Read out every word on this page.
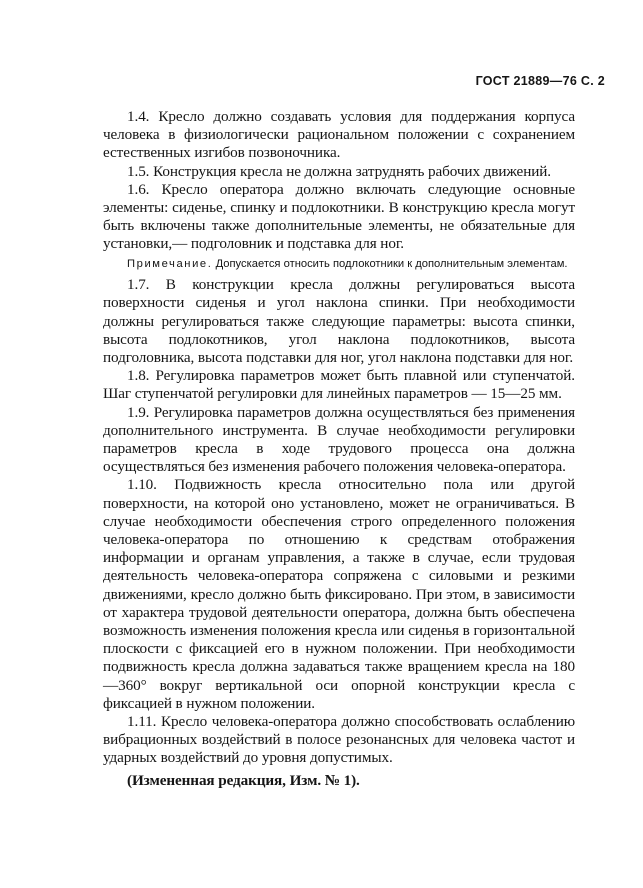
ГОСТ 21889—76 С. 2

1.4. Кресло должно создавать условия для поддержания корпуса человека в физиологически рациональном положении с сохранением естественных изгибов позвоночника.

1.5. Конструкция кресла не должна затруднять рабочих движений.

1.6. Кресло оператора должно включать следующие основные элементы: сиденье, спинку и подлокотники. В конструкцию кресла могут быть включены также дополнительные элементы, не обязательные для установки,— подголовник и подставка для ног.

Примечание. Допускается относить подлокотники к дополнительным элементам.

1.7. В конструкции кресла должны регулироваться высота поверхности сиденья и угол наклона спинки. При необходимости должны регулироваться также следующие параметры: высота спинки, высота подлокотников, угол наклона подлокотников, высота подголовника, высота подставки для ног, угол наклона подставки для ног.

1.8. Регулировка параметров может быть плавной или ступенчатой. Шаг ступенчатой регулировки для линейных параметров — 15—25 мм.

1.9. Регулировка параметров должна осуществляться без применения дополнительного инструмента. В случае необходимости регулировки параметров кресла в ходе трудового процесса она должна осуществляться без изменения рабочего положения человека-оператора.

1.10. Подвижность кресла относительно пола или другой поверхности, на которой оно установлено, может не ограничиваться. В случае необходимости обеспечения строго определенного положения человека-оператора по отношению к средствам отображения информации и органам управления, а также в случае, если трудовая деятельность человека-оператора сопряжена с силовыми и резкими движениями, кресло должно быть фиксировано. При этом, в зависимости от характера трудовой деятельности оператора, должна быть обеспечена возможность изменения положения кресла или сиденья в горизонтальной плоскости с фиксацией его в нужном положении. При необходимости подвижность кресла должна задаваться также вращением кресла на 180—360° вокруг вертикальной оси опорной конструкции кресла с фиксацией в нужном положении.

1.11. Кресло человека-оператора должно способствовать ослаблению вибрационных воздействий в полосе резонансных для человека частот и ударных воздействий до уровня допустимых.

(Измененная редакция, Изм. № 1).
